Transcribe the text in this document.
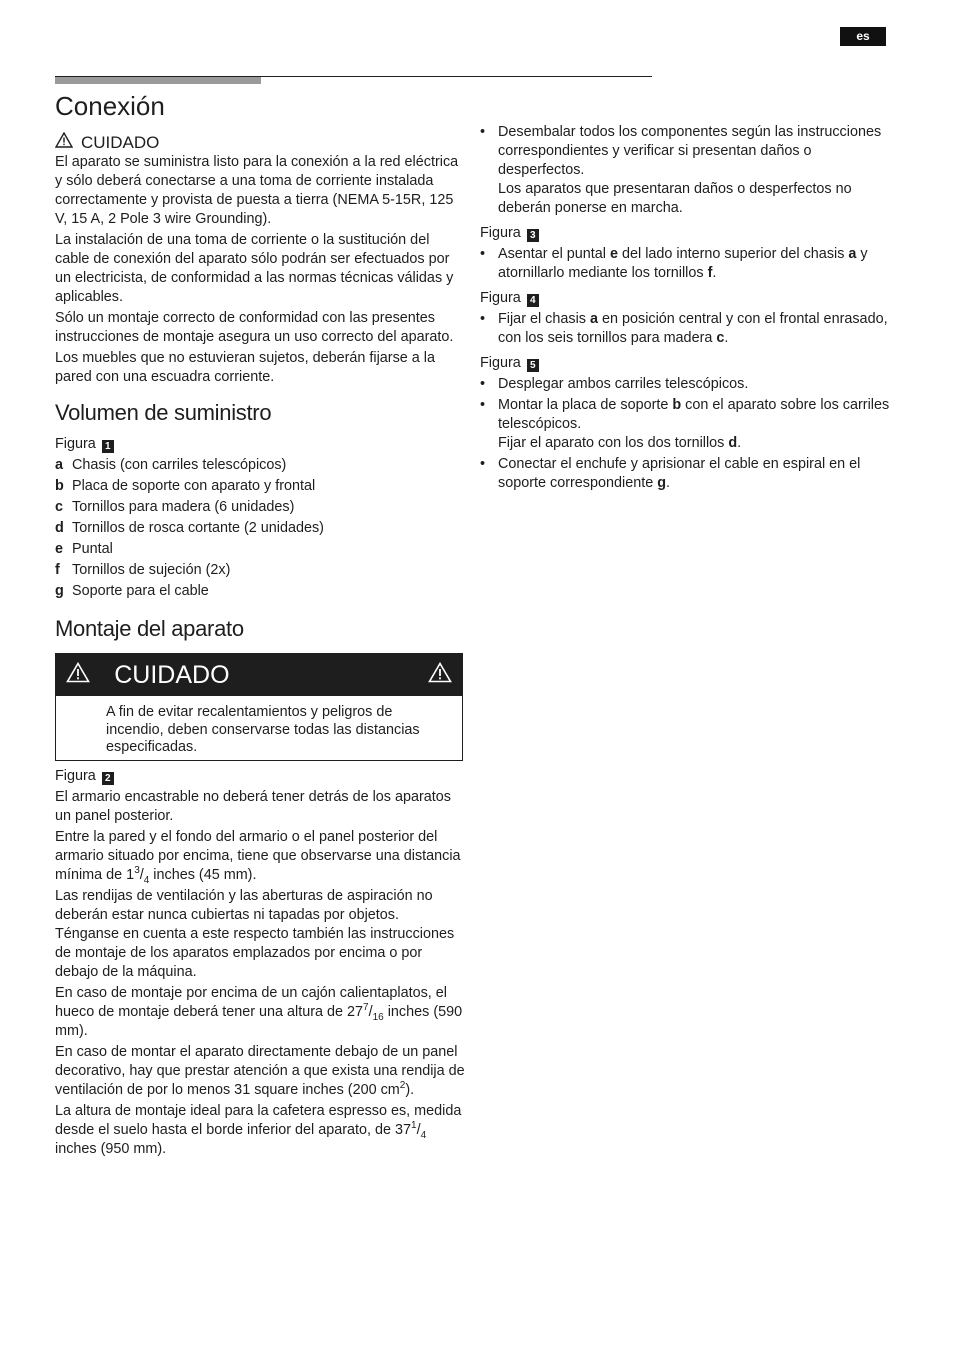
es
Conexión
CUIDADO

El aparato se suministra listo para la conexión a la red eléctrica y sólo deberá conectarse a una toma de corriente instalada correctamente y provista de puesta a tierra (NEMA 5-15R, 125 V, 15 A, 2 Pole 3 wire Grounding).

La instalación de una toma de corriente o la sustitución del cable de conexión del aparato sólo podrán ser efectuados por un electricista, de conformidad a las normas técnicas válidas y aplicables.

Sólo un montaje correcto de conformidad con las presentes instrucciones de montaje asegura un uso correcto del aparato.

Los muebles que no estuvieran sujetos, deberán fijarse a la pared con una escuadra corriente.

Volumen de suministro
Figura 1
a Chasis (con carriles telescópicos)
b Placa de soporte con aparato y frontal
c Tornillos para madera (6 unidades)
d Tornillos de rosca cortante (2 unidades)
e Puntal
f Tornillos de sujeción (2x)
g Soporte para el cable
Montaje del aparato
CUIDADO
A fin de evitar recalentamientos y peligros de incendio, deben conservarse todas las distancias especificadas.
Figura 2

El armario encastrable no deberá tener detrás de los aparatos un panel posterior.

Entre la pared y el fondo del armario o el panel posterior del armario situado por encima, tiene que observarse una distancia mínima de $1^3/_4$ inches (45 mm).

Las rendijas de ventilación y las aberturas de aspiración no deberán estar nunca cubiertas ni tapadas por objetos. Ténganse en cuenta a este respecto también las instrucciones de montaje de los aparatos emplazados por encima o por debajo de la máquina.

En caso de montaje por encima de un cajón calientaplatos, el hueco de montaje deberá tener una altura de $27^7/_{16}$ inches (590 mm).

En caso de montar el aparato directamente debajo de un panel decorativo, hay que prestar atención a que exista una rendija de ventilación de por lo menos 31 square inches (200 $cm^2$).

La altura de montaje ideal para la cafetera espresso es, medida desde el suelo hasta el borde inferior del aparato, de $37^1/_4$ inches (950 mm).

• Desembalar todos los componentes según las instrucciones correspondientes y verificar si presentan daños o desperfectos.
Los aparatos que presentaran daños o desperfectos no deberán ponerse en marcha.
Figura 3
• Asentar el puntal e del lado interno superior del chasis a y atornillarlo mediante los tornillos f.
Figura 4
• Fijar el chasis a en posición central y con el frontal enrasado, con los seis tornillos para madera c.
Figura 5
• Desplegar ambos carriles telescópicos.
• Montar la placa de soporte b con el aparato sobre los carriles telescópicos.
Fijar el aparato con los dos tornillos d.
• Conectar el enchufe y aprisionar el cable en espiral en el soporte correspondiente g.
